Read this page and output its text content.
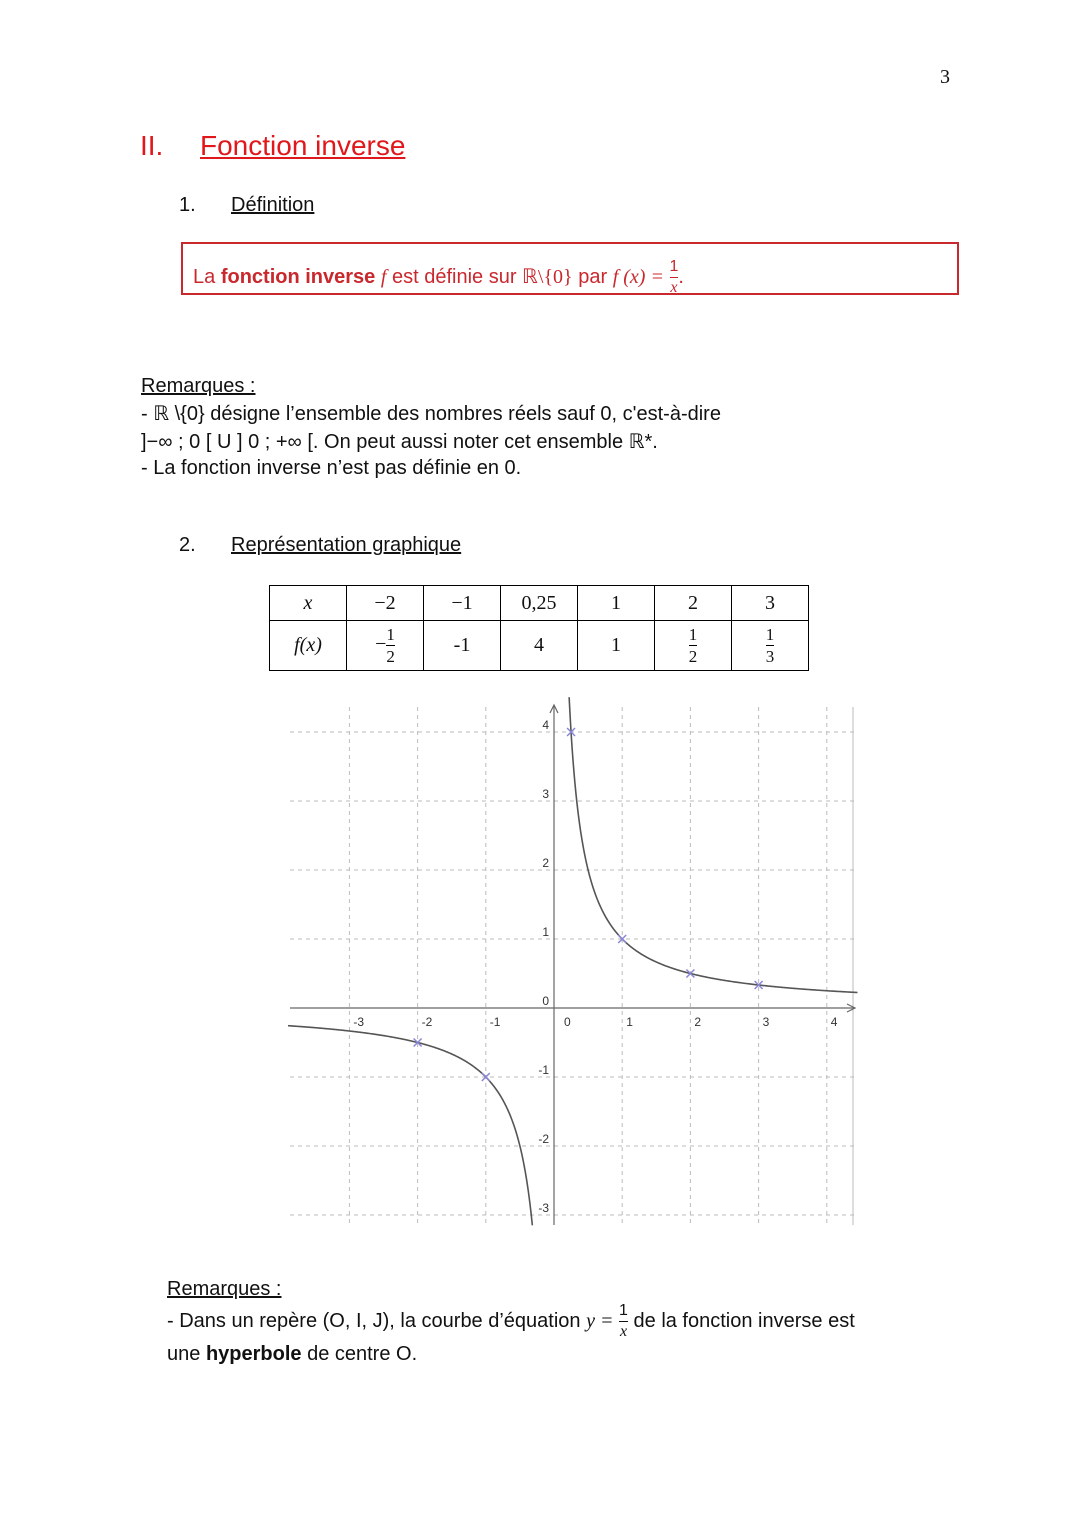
3
II. Fonction inverse
1. Définition
La fonction inverse f est définie sur ℝ\{0} par f $(x) = \frac{1}{x}$ .
Remarques :
- ℝ \{0} désigne l’ensemble des nombres réels sauf 0, c'est-à-dire
]−∞ ; 0 [ U ] 0 ; +∞ [. On peut aussi noter cet ensemble ℝ*.
- La fonction inverse n’est pas définie en 0.
2. Représentation graphique
x	−2	−1	0,25	1	2	3
f(x)	− $\frac{1}{2}$	-1	4	1	$\frac{1}{2}$	$\frac{1}{3}$
-3	-2	-1	0	1	2	3	4
4
3
2
1
0
-1
-2
-3
Remarques :
- Dans un repère (O, I, J), la courbe d’équation $y = \frac{1}{x}$ de la fonction inverse est
une hyperbole de centre O.
